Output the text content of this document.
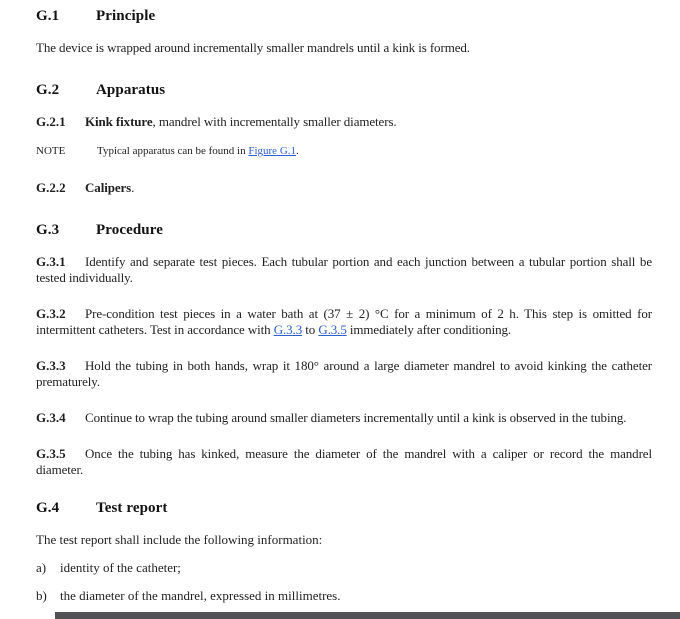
G.1 Principle

The device is wrapped around incrementally smaller mandrels until a kink is formed.

G.2 Apparatus

G.2.1 Kink fixture, mandrel with incrementally smaller diameters.

NOTE	Typical apparatus can be found in Figure G.1.

G.2.2 Calipers.

G.3 Procedure

G.3.1 Identify and separate test pieces. Each tubular portion and each junction between a tubular portion shall be tested individually.

G.3.2 Pre-condition test pieces in a water bath at (37 ± 2) °C for a minimum of 2 h. This step is omitted for intermittent catheters. Test in accordance with G.3.3 to G.3.5 immediately after conditioning.

G.3.3 Hold the tubing in both hands, wrap it 180° around a large diameter mandrel to avoid kinking the catheter prematurely.

G.3.4 Continue to wrap the tubing around smaller diameters incrementally until a kink is observed in the tubing.

G.3.5 Once the tubing has kinked, measure the diameter of the mandrel with a caliper or record the mandrel diameter.

G.4 Test report

The test report shall include the following information:

a) identity of the catheter;

b) the diameter of the mandrel, expressed in millimetres.
